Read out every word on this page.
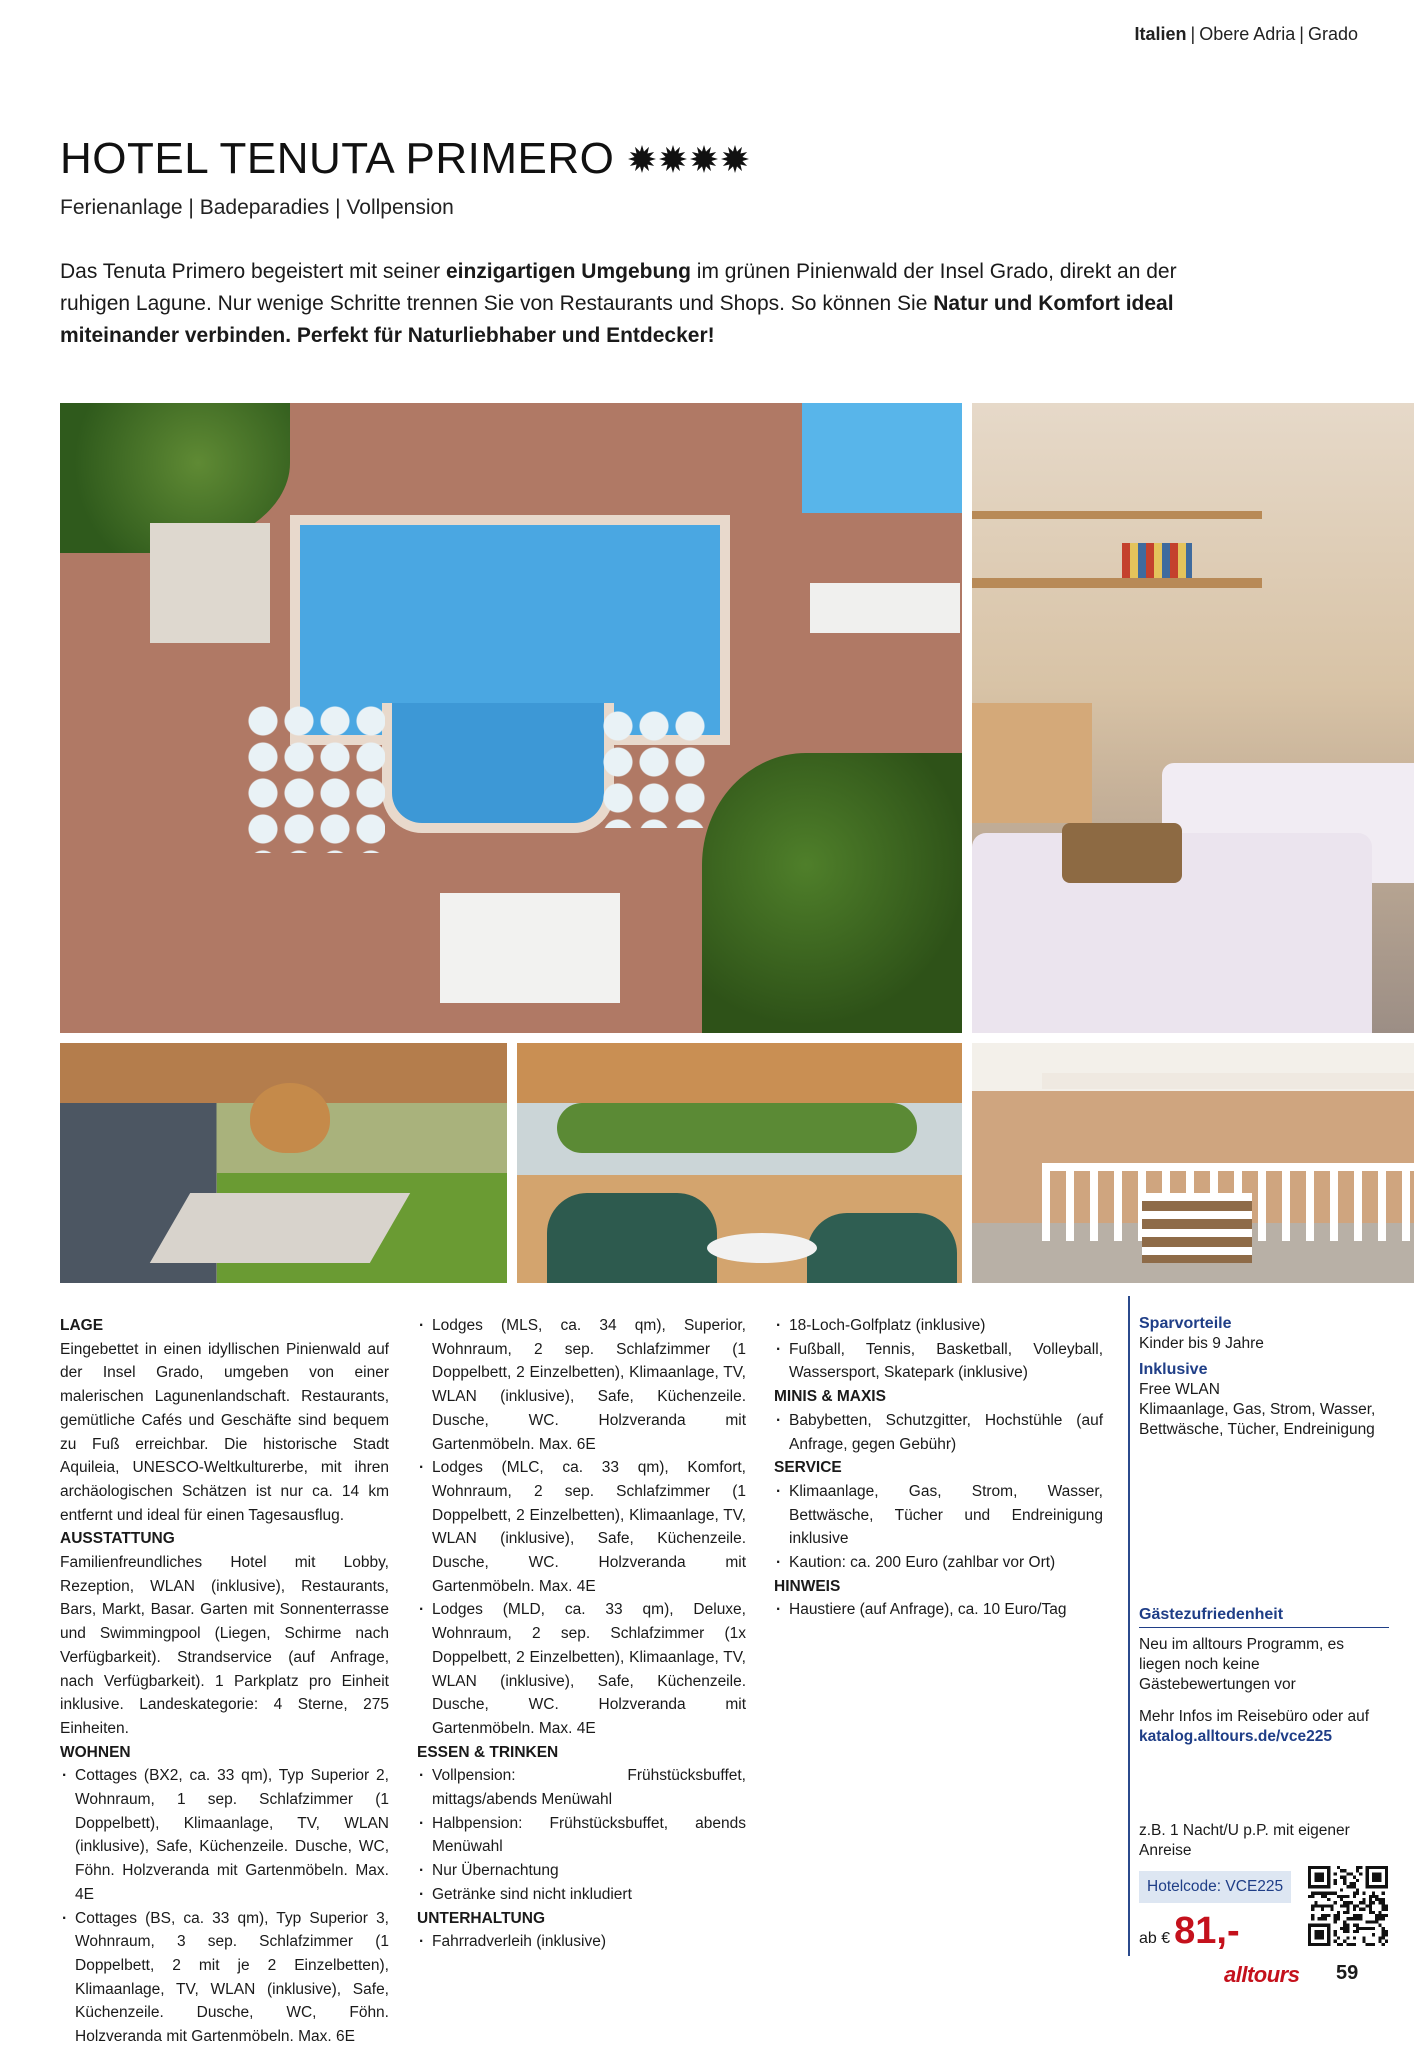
Italien | Obere Adria | Grado
HOTEL TENUTA PRIMERO
Ferienanlage | Badeparadies | Vollpension
Das Tenuta Primero begeistert mit seiner einzigartigen Umgebung im grünen Pinienwald der Insel Grado, direkt an der ruhigen Lagune. Nur wenige Schritte trennen Sie von Restaurants und Shops. So können Sie Natur und Komfort ideal miteinander verbinden. Perfekt für Naturliebhaber und Entdecker!
LAGE

Eingebettet in einen idyllischen Pinienwald auf der Insel Grado, umgeben von einer malerischen Lagunenlandschaft. Restaurants, gemütliche Cafés und Geschäfte sind bequem zu Fuß erreichbar. Die historische Stadt Aquileia, UNESCO-Weltkulturerbe, mit ihren archäologischen Schätzen ist nur ca. 14 km entfernt und ideal für einen Tagesausflug.

AUSSTATTUNG

Familienfreundliches Hotel mit Lobby, Rezeption, WLAN (inklusive), Restaurants, Bars, Markt, Basar. Garten mit Sonnenterrasse und Swimmingpool (Liegen, Schirme nach Verfügbarkeit). Strandservice (auf Anfrage, nach Verfügbarkeit). 1 Parkplatz pro Einheit inklusive. Landeskategorie: 4 Sterne, 275 Einheiten.

WOHNEN
· Cottages (BX2, ca. 33 qm), Typ Superior 2, Wohnraum, 1 sep. Schlafzimmer (1 Doppelbett), Klimaanlage, TV, WLAN (inklusive), Safe, Küchenzeile. Dusche, WC, Föhn. Holzveranda mit Gartenmöbeln. Max. 4E
· Cottages (BS, ca. 33 qm), Typ Superior 3, Wohnraum, 3 sep. Schlafzimmer (1 Doppelbett, 2 mit je 2 Einzelbetten), Klimaanlage, TV, WLAN (inklusive), Safe, Küchenzeile. Dusche, WC, Föhn. Holzveranda mit Gartenmöbeln. Max. 6E
· Lodges (MLS, ca. 34 qm), Superior, Wohnraum, 2 sep. Schlafzimmer (1 Doppelbett, 2 Einzelbetten), Klimaanlage, TV, WLAN (inklusive), Safe, Küchenzeile. Dusche, WC. Holzveranda mit Gartenmöbeln. Max. 6E
· Lodges (MLC, ca. 33 qm), Komfort, Wohnraum, 2 sep. Schlafzimmer (1 Doppelbett, 2 Einzelbetten), Klimaanlage, TV, WLAN (inklusive), Safe, Küchenzeile. Dusche, WC. Holzveranda mit Gartenmöbeln. Max. 4E
· Lodges (MLD, ca. 33 qm), Deluxe, Wohnraum, 2 sep. Schlafzimmer (1x Doppelbett, 2 Einzelbetten), Klimaanlage, TV, WLAN (inklusive), Safe, Küchenzeile. Dusche, WC. Holzveranda mit Gartenmöbeln. Max. 4E
ESSEN & TRINKEN
· Vollpension: Frühstücksbuffet, mittags/abends Menüwahl
· Halbpension: Frühstücksbuffet, abends Menüwahl
· Nur Übernachtung
· Getränke sind nicht inkludiert
UNTERHALTUNG
· Fahrradverleih (inklusive)
· 18-Loch-Golfplatz (inklusive)
· Fußball, Tennis, Basketball, Volleyball, Wassersport, Skatepark (inklusive)
MINIS & MAXIS
· Babybetten, Schutzgitter, Hochstühle (auf Anfrage, gegen Gebühr)
SERVICE
· Klimaanlage, Gas, Strom, Wasser, Bettwäsche, Tücher und Endreinigung inklusive
· Kaution: ca. 200 Euro (zahlbar vor Ort)
HINWEIS
· Haustiere (auf Anfrage), ca. 10 Euro/Tag
Sparvorteile
Kinder bis 9 Jahre
Inklusive
Free WLAN
Klimaanlage, Gas, Strom, Wasser, Bettwäsche, Tücher, Endreinigung
Gästezufriedenheit
Neu im alltours Programm, es liegen noch keine Gästebewertungen vor
Mehr Infos im Reisebüro oder auf
katalog.alltours.de/vce225
z.B. 1 Nacht/U p.P. mit eigener Anreise
Hotelcode: VCE225
ab € 81,-
alltours 59
